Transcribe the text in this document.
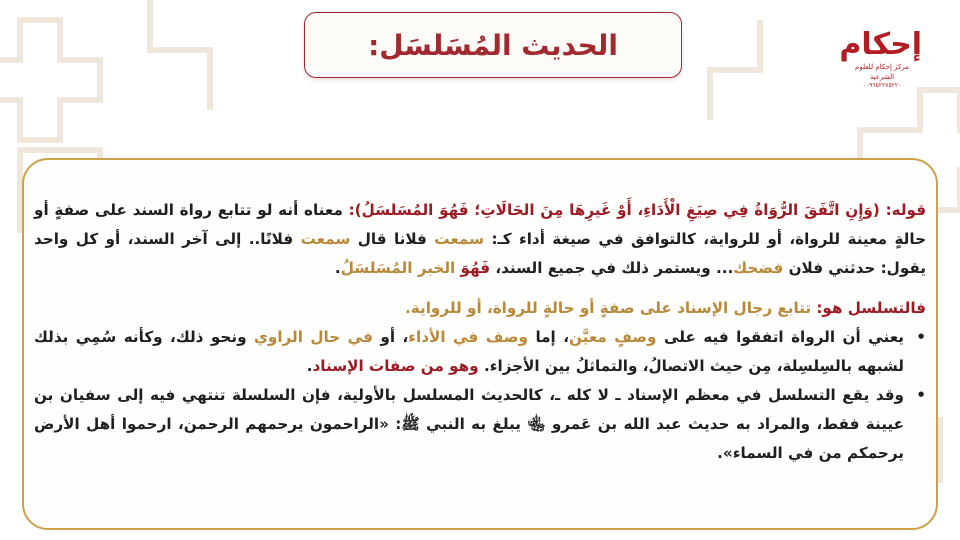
الحديث المُسَلسَل:	إحكام
مركز إحكام للعلوم الشرعية
٠٠٩٦٥٢٢٧٥٢٢٠

قوله: (وَإِنِ اتَّفَقَ الرُّوَاةُ فِي صِيَغِ الْأَدَاءِ، أَوْ غَيرِهَا مِنَ الحَالَاتِ؛ فَهُوَ المُسَلسَلُ): معناه أنه لو تتابع رواة السند على صفةٍ أو حالةٍ معينة للرواة، أو للرواية، كالتوافق في صيغة أداء كـ: سمعت فلانا قال سمعت فلانًا.. إلى آخر السند، أو كل واحد يقول: حدثني فلان فضحك... ويستمر ذلك في جميع السند، فَهُوَ الخبر المُسَلسَلُ.

فالتسلسل هو: تتابع رجال الإسناد على صفةٍ أو حالةٍ للرواة، أو للرواية.

• يعني أن الرواة اتفقوا فيه على وصفٍ معيَّن، إما وصف في الأداء، أو في حال الراوي ونحو ذلك، وكأنه سُمِي بذلك لشبهه بالسِلسِلة، مِن حيث الاتصالُ، والتماثلُ بين الأجزاء. وهو من صفات الإسناد.
• وقد يقع التسلسل في معظم الإسناد ـ لا كله ـ، كالحديث المسلسل بالأولية، فإن السلسلة تنتهي فيه إلى سفيان بن عيينة فقط، والمراد به حديث عبد الله بن عَمرو ﵄ يبلغ به النبي ﷺ: «الراحمون يرحمهم الرحمن، ارحموا أهل الأرض يرحمكم من في السماء».
